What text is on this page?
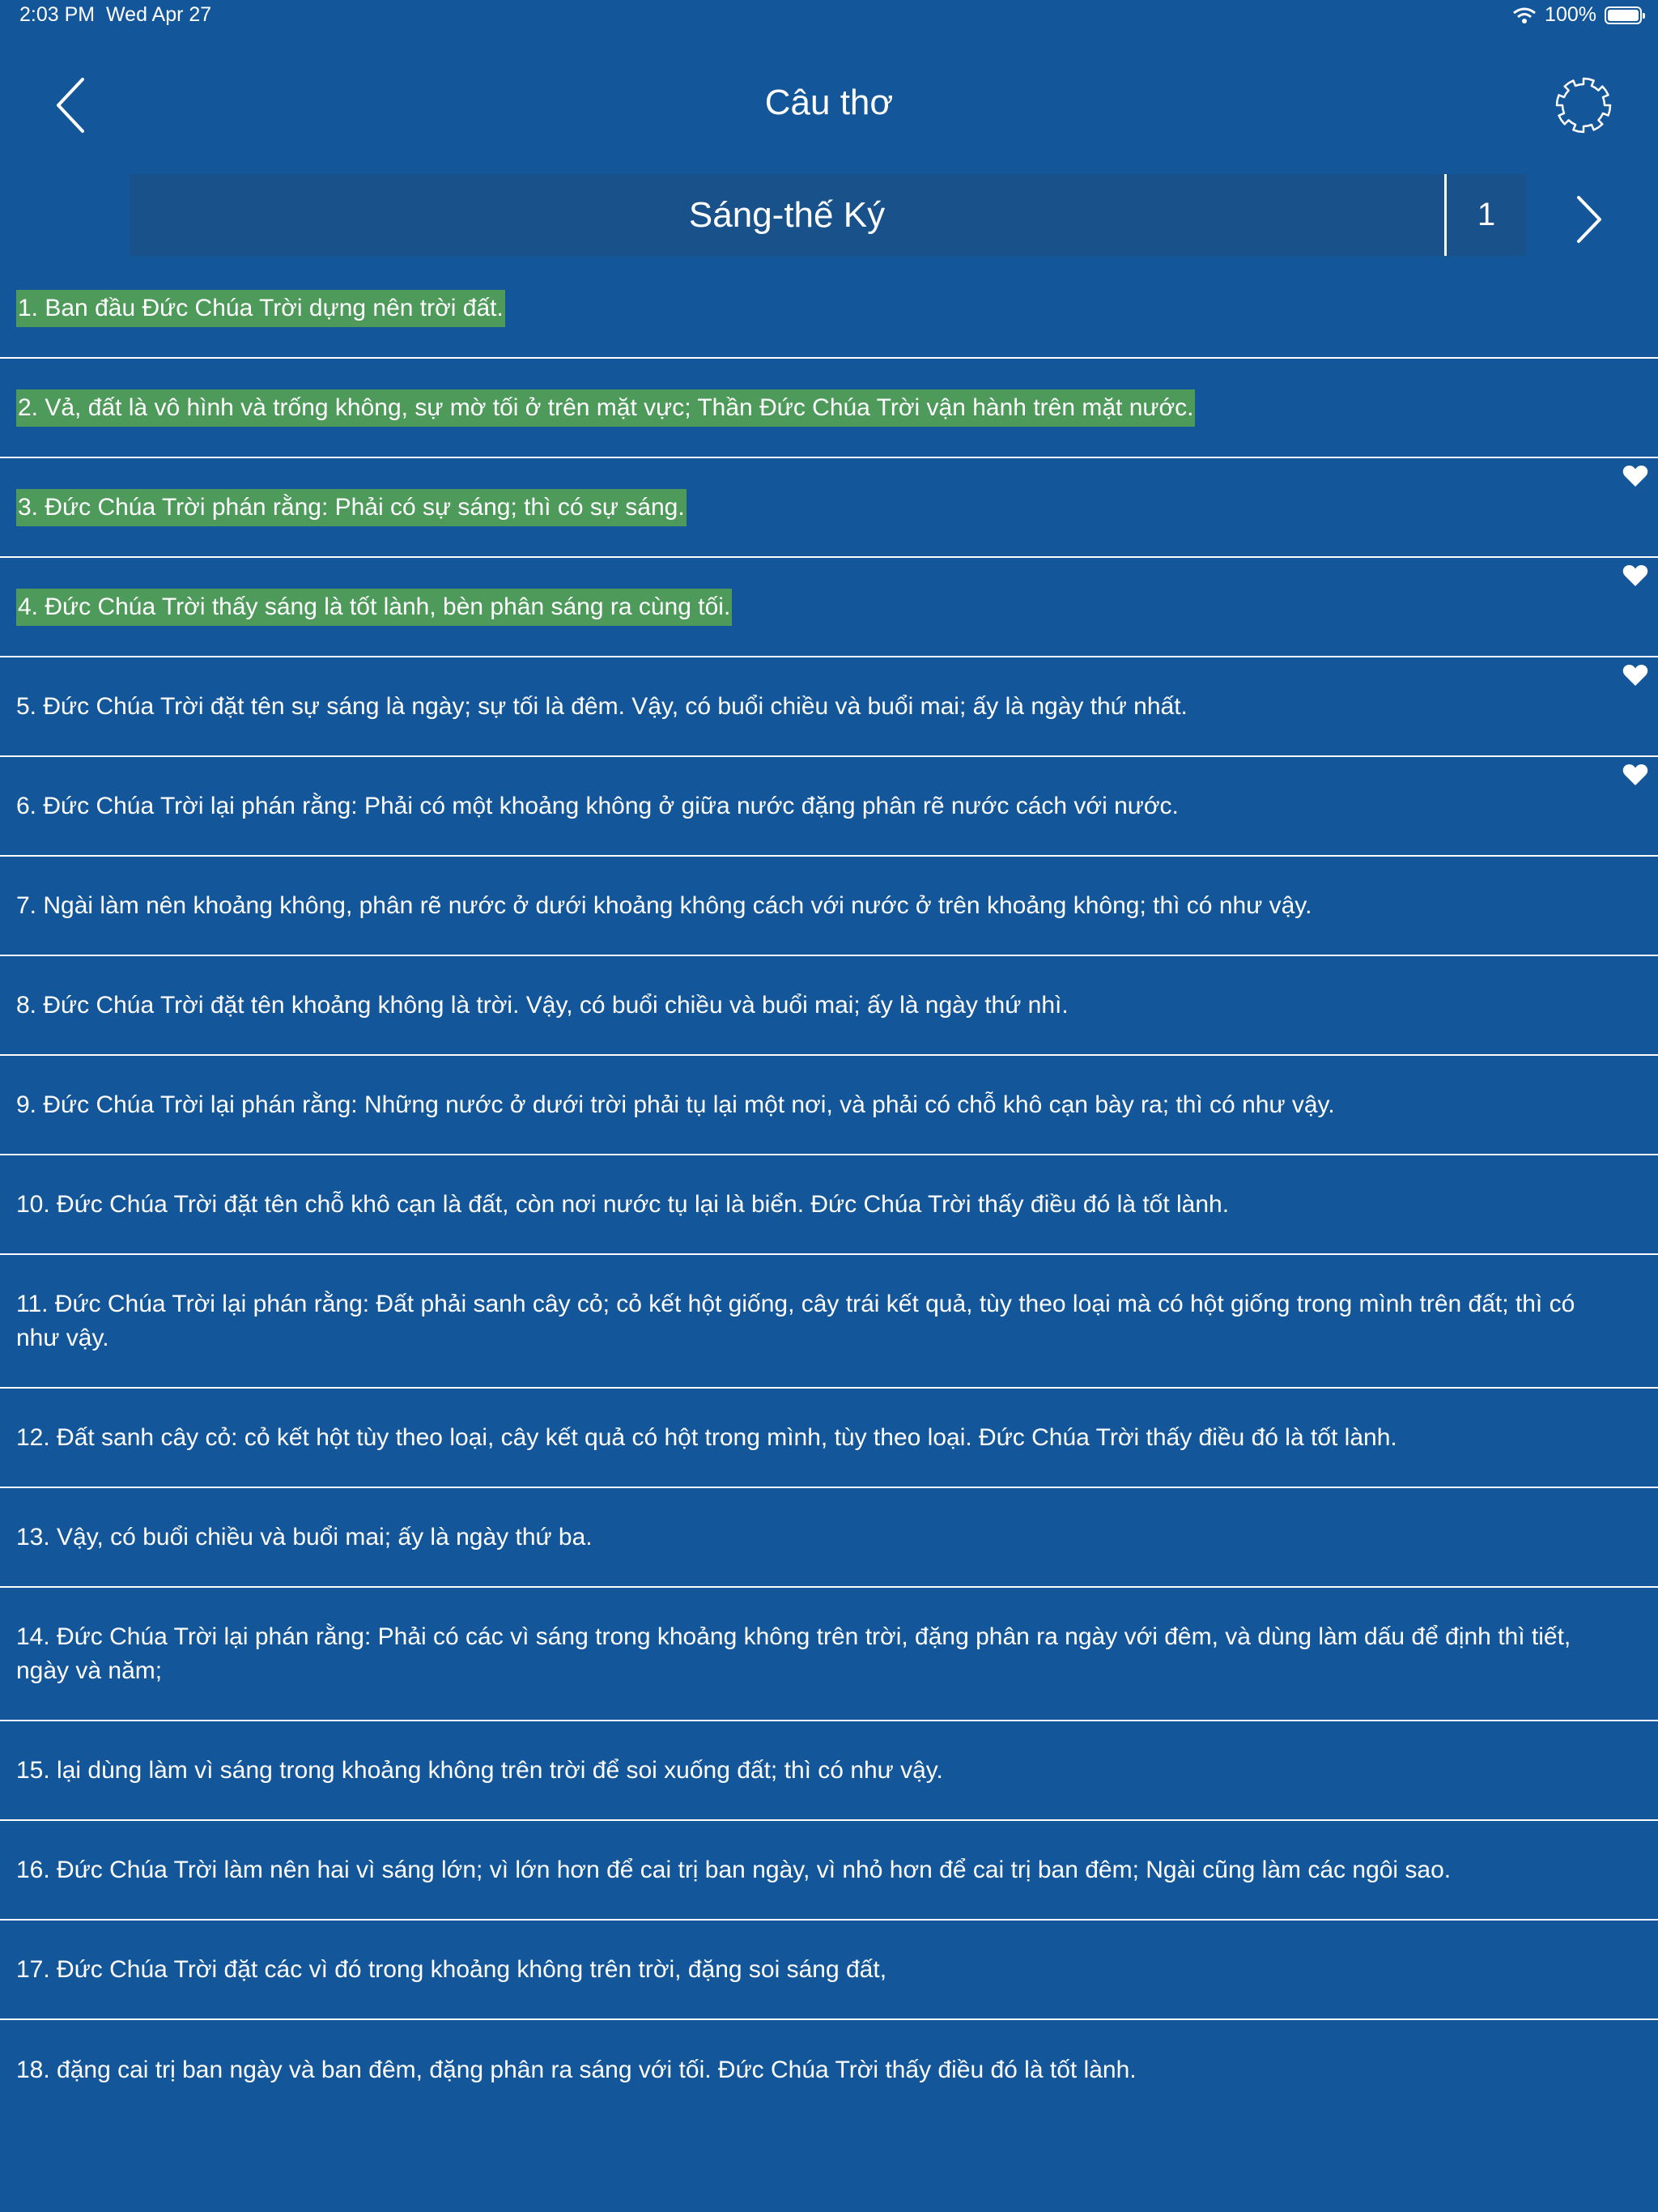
2:03 PM Wed Apr 27	100%
Câu thơ
Sáng-thế Ký	1
1. Ban đầu Đức Chúa Trời dựng nên trời đất.
2. Vả, đất là vô hình và trống không, sự mờ tối ở trên mặt vực; Thần Đức Chúa Trời vận hành trên mặt nước.
3. Đức Chúa Trời phán rằng: Phải có sự sáng; thì có sự sáng.
4. Đức Chúa Trời thấy sáng là tốt lành, bèn phân sáng ra cùng tối.
5. Đức Chúa Trời đặt tên sự sáng là ngày; sự tối là đêm. Vậy, có buổi chiều và buổi mai; ấy là ngày thứ nhất.
6. Đức Chúa Trời lại phán rằng: Phải có một khoảng không ở giữa nước đặng phân rẽ nước cách với nước.
7. Ngài làm nên khoảng không, phân rẽ nước ở dưới khoảng không cách với nước ở trên khoảng không; thì có như vậy.
8. Đức Chúa Trời đặt tên khoảng không là trời. Vậy, có buổi chiều và buổi mai; ấy là ngày thứ nhì.
9. Đức Chúa Trời lại phán rằng: Những nước ở dưới trời phải tụ lại một nơi, và phải có chỗ khô cạn bày ra; thì có như vậy.
10. Đức Chúa Trời đặt tên chỗ khô cạn là đất, còn nơi nước tụ lại là biển. Đức Chúa Trời thấy điều đó là tốt lành.
11. Đức Chúa Trời lại phán rằng: Đất phải sanh cây cỏ; cỏ kết hột giống, cây trái kết quả, tùy theo loại mà có hột giống trong mình trên đất; thì có như vậy.
12. Đất sanh cây cỏ: cỏ kết hột tùy theo loại, cây kết quả có hột trong mình, tùy theo loại. Đức Chúa Trời thấy điều đó là tốt lành.
13. Vậy, có buổi chiều và buổi mai; ấy là ngày thứ ba.
14. Đức Chúa Trời lại phán rằng: Phải có các vì sáng trong khoảng không trên trời, đặng phân ra ngày với đêm, và dùng làm dấu để định thì tiết, ngày và năm;
15. lại dùng làm vì sáng trong khoảng không trên trời để soi xuống đất; thì có như vậy.
16. Đức Chúa Trời làm nên hai vì sáng lớn; vì lớn hơn để cai trị ban ngày, vì nhỏ hơn để cai trị ban đêm; Ngài cũng làm các ngôi sao.
17. Đức Chúa Trời đặt các vì đó trong khoảng không trên trời, đặng soi sáng đất,
18. đặng cai trị ban ngày và ban đêm, đặng phân ra sáng với tối. Đức Chúa Trời thấy điều đó là tốt lành.
